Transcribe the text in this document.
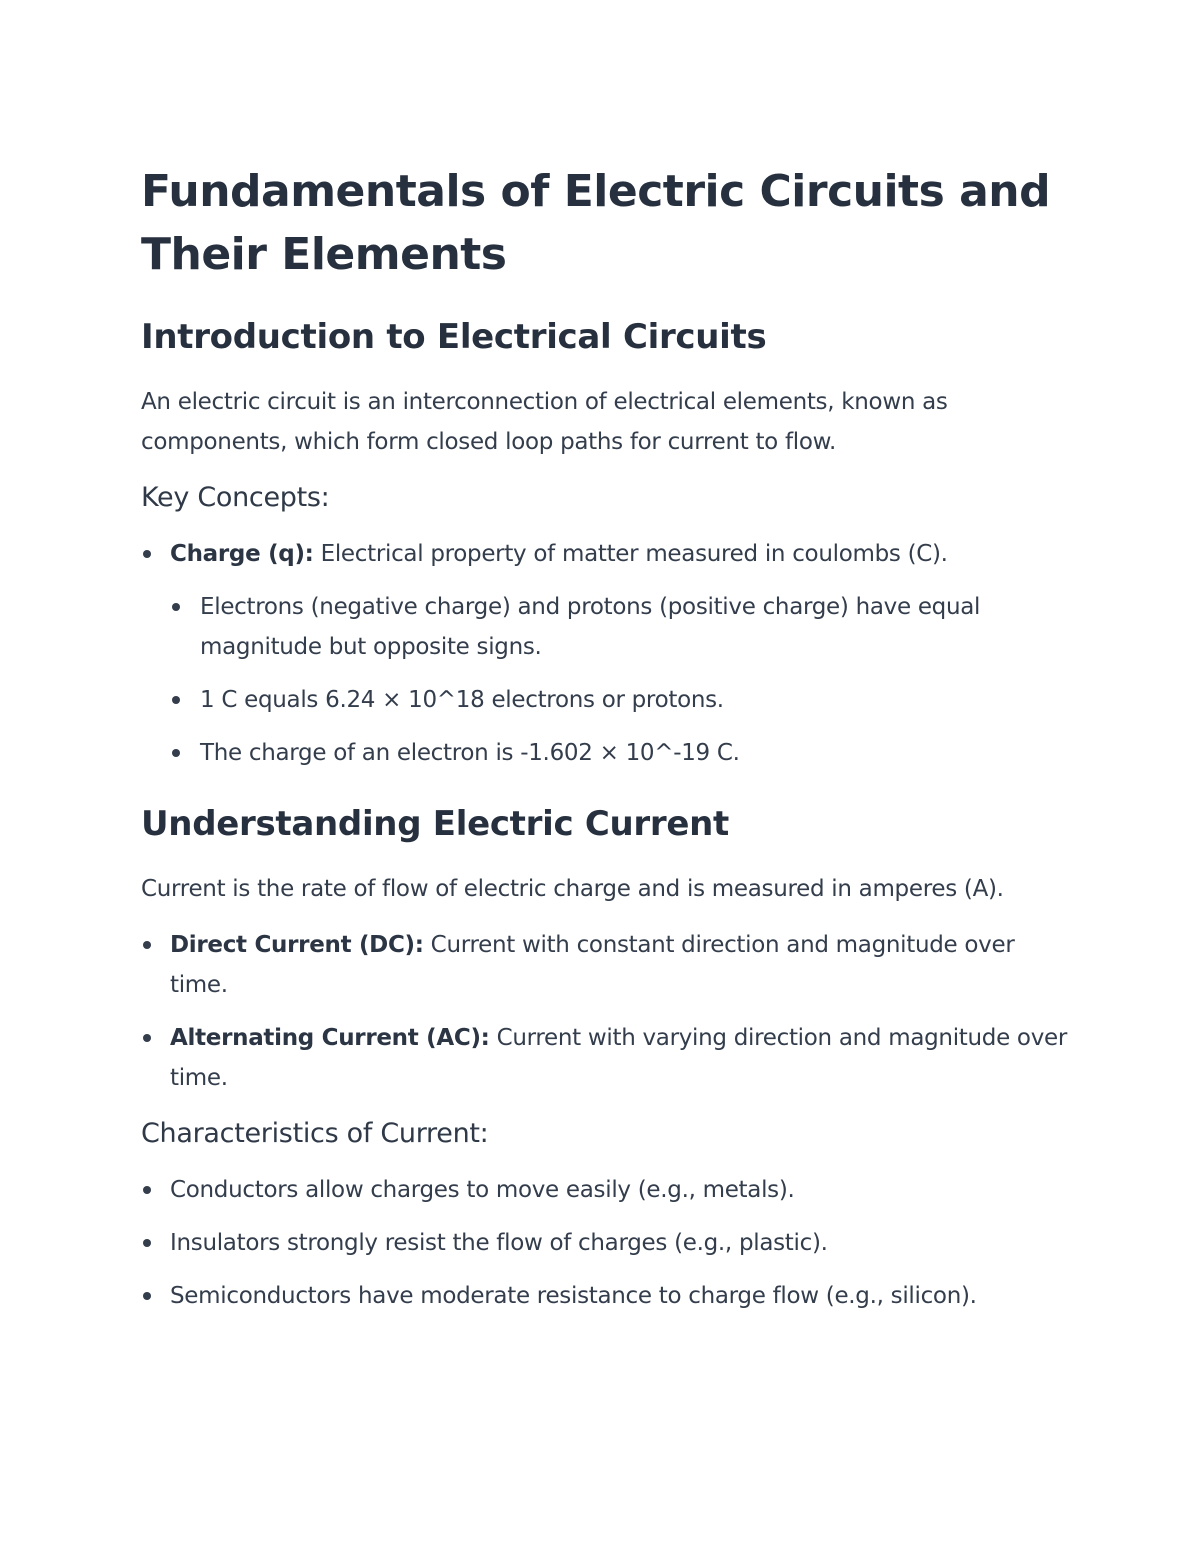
Fundamentals of Electric Circuits and Their Elements
Introduction to Electrical Circuits

An electric circuit is an interconnection of electrical elements, known as components, which form closed loop paths for current to flow.

Key Concepts:
Charge (q): Electrical property of matter measured in coulombs (C).
Electrons (negative charge) and protons (positive charge) have equal magnitude but opposite signs.
1 C equals 6.24 × 10^18 electrons or protons.
The charge of an electron is -1.602 × 10^-19 C.
Understanding Electric Current

Current is the rate of flow of electric charge and is measured in amperes (A).

Direct Current (DC): Current with constant direction and magnitude over time.
Alternating Current (AC): Current with varying direction and magnitude over time.
Characteristics of Current:
Conductors allow charges to move easily (e.g., metals).
Insulators strongly resist the flow of charges (e.g., plastic).
Semiconductors have moderate resistance to charge flow (e.g., silicon).
